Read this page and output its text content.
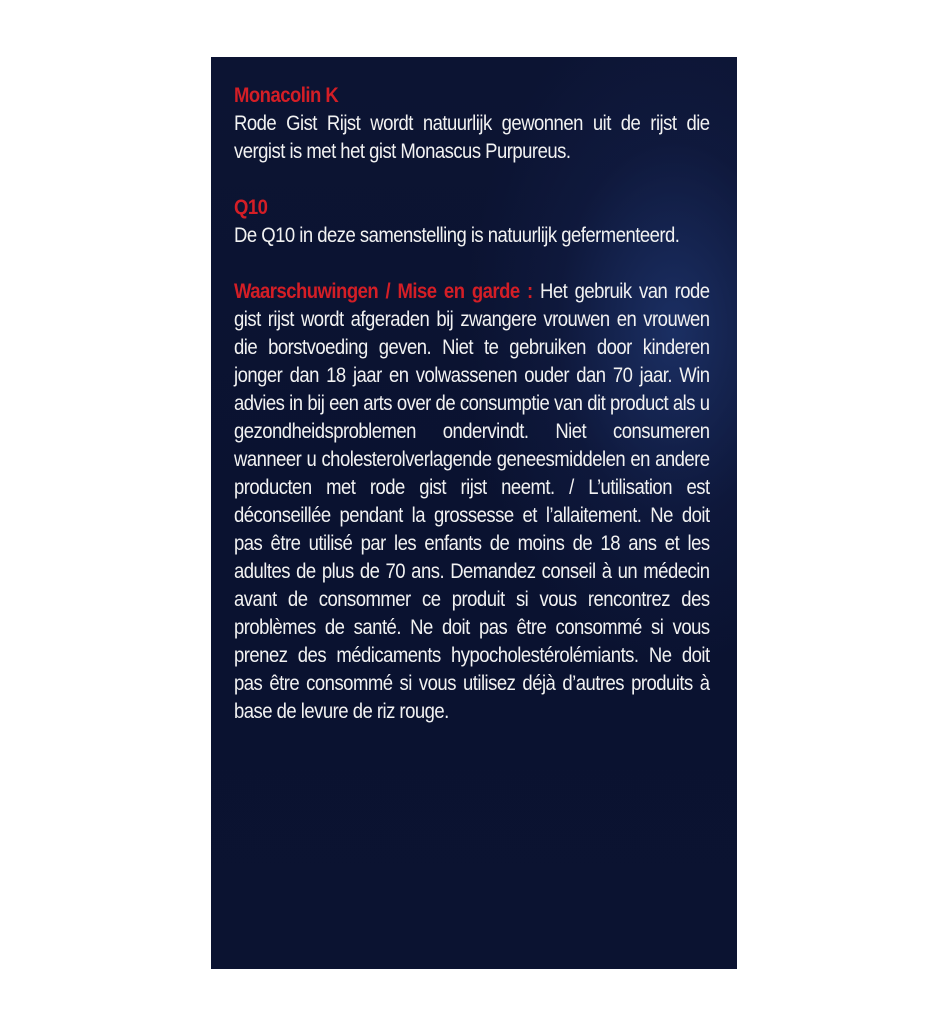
Monacolin K
Rode Gist Rijst wordt natuurlijk gewonnen uit de rijst die vergist is met het gist Monascus Purpureus.
Q10
De Q10 in deze samenstelling is natuurlijk gefermenteerd.
Waarschuwingen / Mise en garde : Het gebruik van rode gist rijst wordt afgeraden bij zwangere vrouwen en vrouwen die borstvoeding geven. Niet te gebruiken door kinderen jonger dan 18 jaar en volwassenen ouder dan 70 jaar. Win advies in bij een arts over de consumptie van dit product als u gezondheidsproblemen ondervindt. Niet consumeren wanneer u cholesterolverlagende geneesmiddelen en andere producten met rode gist rijst neemt. / L’utilisation est déconseillée pendant la grossesse et l’allaitement. Ne doit pas être utilisé par les enfants de moins de 18 ans et les adultes de plus de 70 ans. Demandez conseil à un médecin avant de consommer ce produit si vous rencontrez des problèmes de santé. Ne doit pas être consommé si vous prenez des médicaments hypocholestérolémiants. Ne doit pas être consommé si vous utilisez déjà d’autres produits à base de levure de riz rouge.
